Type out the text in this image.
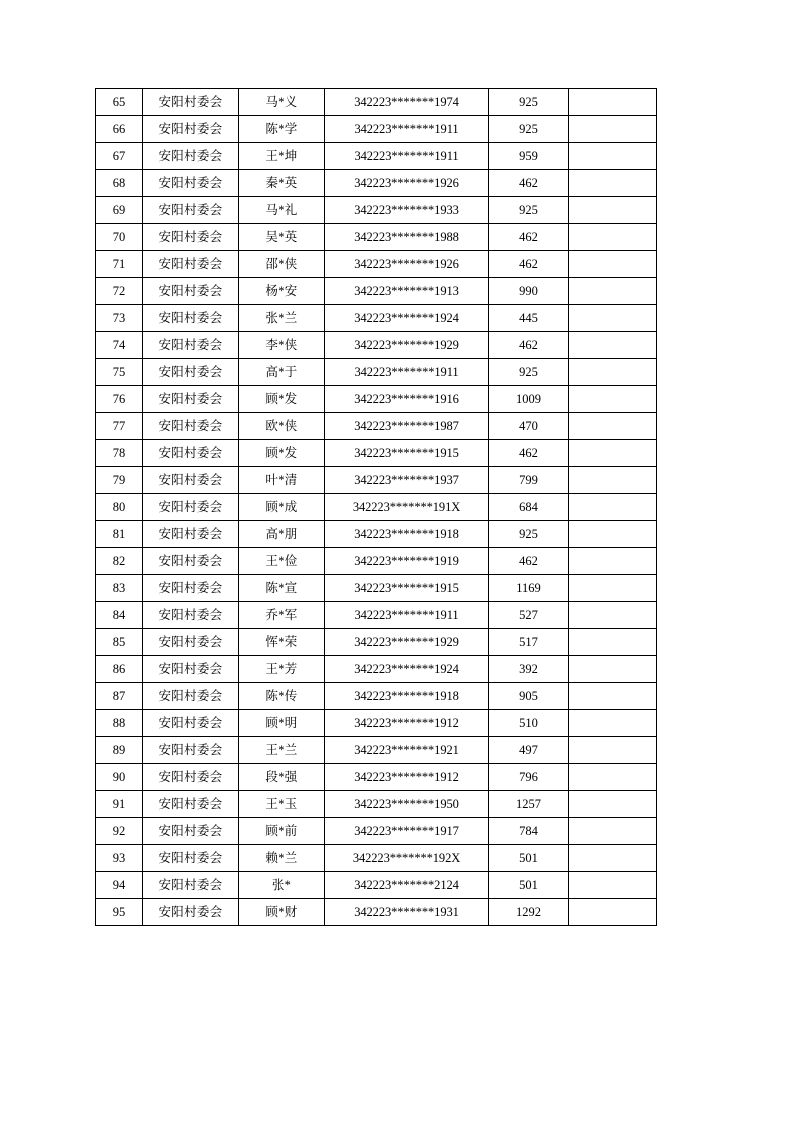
65	安阳村委会	马*义	342223*******1974	925	
66	安阳村委会	陈*学	342223*******1911	925	
67	安阳村委会	王*坤	342223*******1911	959	
68	安阳村委会	秦*英	342223*******1926	462	
69	安阳村委会	马*礼	342223*******1933	925	
70	安阳村委会	吴*英	342223*******1988	462	
71	安阳村委会	邵*侠	342223*******1926	462	
72	安阳村委会	杨*安	342223*******1913	990	
73	安阳村委会	张*兰	342223*******1924	445	
74	安阳村委会	李*侠	342223*******1929	462	
75	安阳村委会	高*于	342223*******1911	925	
76	安阳村委会	顾*发	342223*******1916	1009	
77	安阳村委会	欧*侠	342223*******1987	470	
78	安阳村委会	顾*发	342223*******1915	462	
79	安阳村委会	叶*清	342223*******1937	799	
80	安阳村委会	顾*成	342223*******191X	684	
81	安阳村委会	高*朋	342223*******1918	925	
82	安阳村委会	王*俭	342223*******1919	462	
83	安阳村委会	陈*宣	342223*******1915	1169	
84	安阳村委会	乔*军	342223*******1911	527	
85	安阳村委会	恽*荣	342223*******1929	517	
86	安阳村委会	王*芳	342223*******1924	392	
87	安阳村委会	陈*传	342223*******1918	905	
88	安阳村委会	顾*明	342223*******1912	510	
89	安阳村委会	王*兰	342223*******1921	497	
90	安阳村委会	段*强	342223*******1912	796	
91	安阳村委会	王*玉	342223*******1950	1257	
92	安阳村委会	顾*前	342223*******1917	784	
93	安阳村委会	赖*兰	342223*******192X	501	
94	安阳村委会	张*	342223*******2124	501	
95	安阳村委会	顾*财	342223*******1931	1292	
